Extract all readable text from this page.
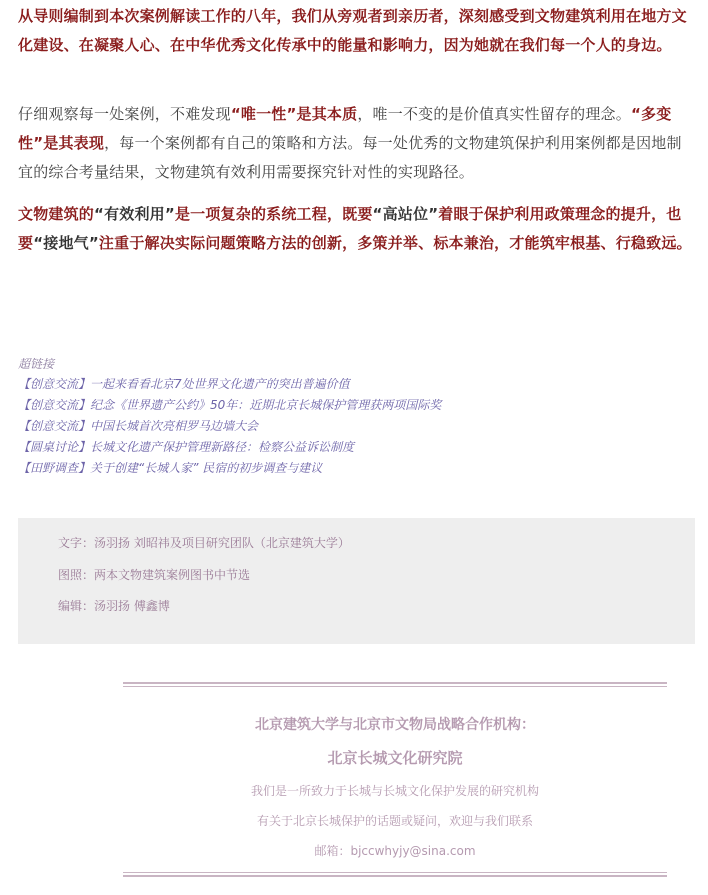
从导则编制到本次案例解读工作的八年，我们从旁观者到亲历者，深刻感受到文物建筑利用在地方文化建设、在凝聚人心、在中华优秀文化传承中的能量和影响力，因为她就在我们每一个人的身边。

仔细观察每一处案例，不难发现“唯一性”是其本质，唯一不变的是价值真实性留存的理念。“多变性”是其表现，每一个案例都有自己的策略和方法。每一处优秀的文物建筑保护利用案例都是因地制宜的综合考量结果，文物建筑有效利用需要探究针对性的实现路径。

文物建筑的“有效利用”是一项复杂的系统工程，既要“高站位”着眼于保护利用政策理念的提升，也要“接地气”注重于解决实际问题策略方法的创新，多策并举、标本兼治，才能筑牢根基、行稳致远。

超链接
【创意交流】一起来看看北京7处世界文化遗产的突出普遍价值
【创意交流】纪念《世界遗产公约》50年：近期北京长城保护管理获两项国际奖
【创意交流】中国长城首次亮相罗马边墙大会
【圆桌讨论】长城文化遗产保护管理新路径：检察公益诉讼制度
【田野调查】关于创建“长城人家” 民宿的初步调查与建议
文字：汤羽扬 刘昭祎及项目研究团队（北京建筑大学）
图照：两本文物建筑案例图书中节选
编辑：汤羽扬 傅鑫博
北京建筑大学与北京市文物局战略合作机构：
北京长城文化研究院
我们是一所致力于长城与长城文化保护发展的研究机构
有关于北京长城保护的话题或疑问，欢迎与我们联系
邮箱：bjccwhyjy@sina.com
